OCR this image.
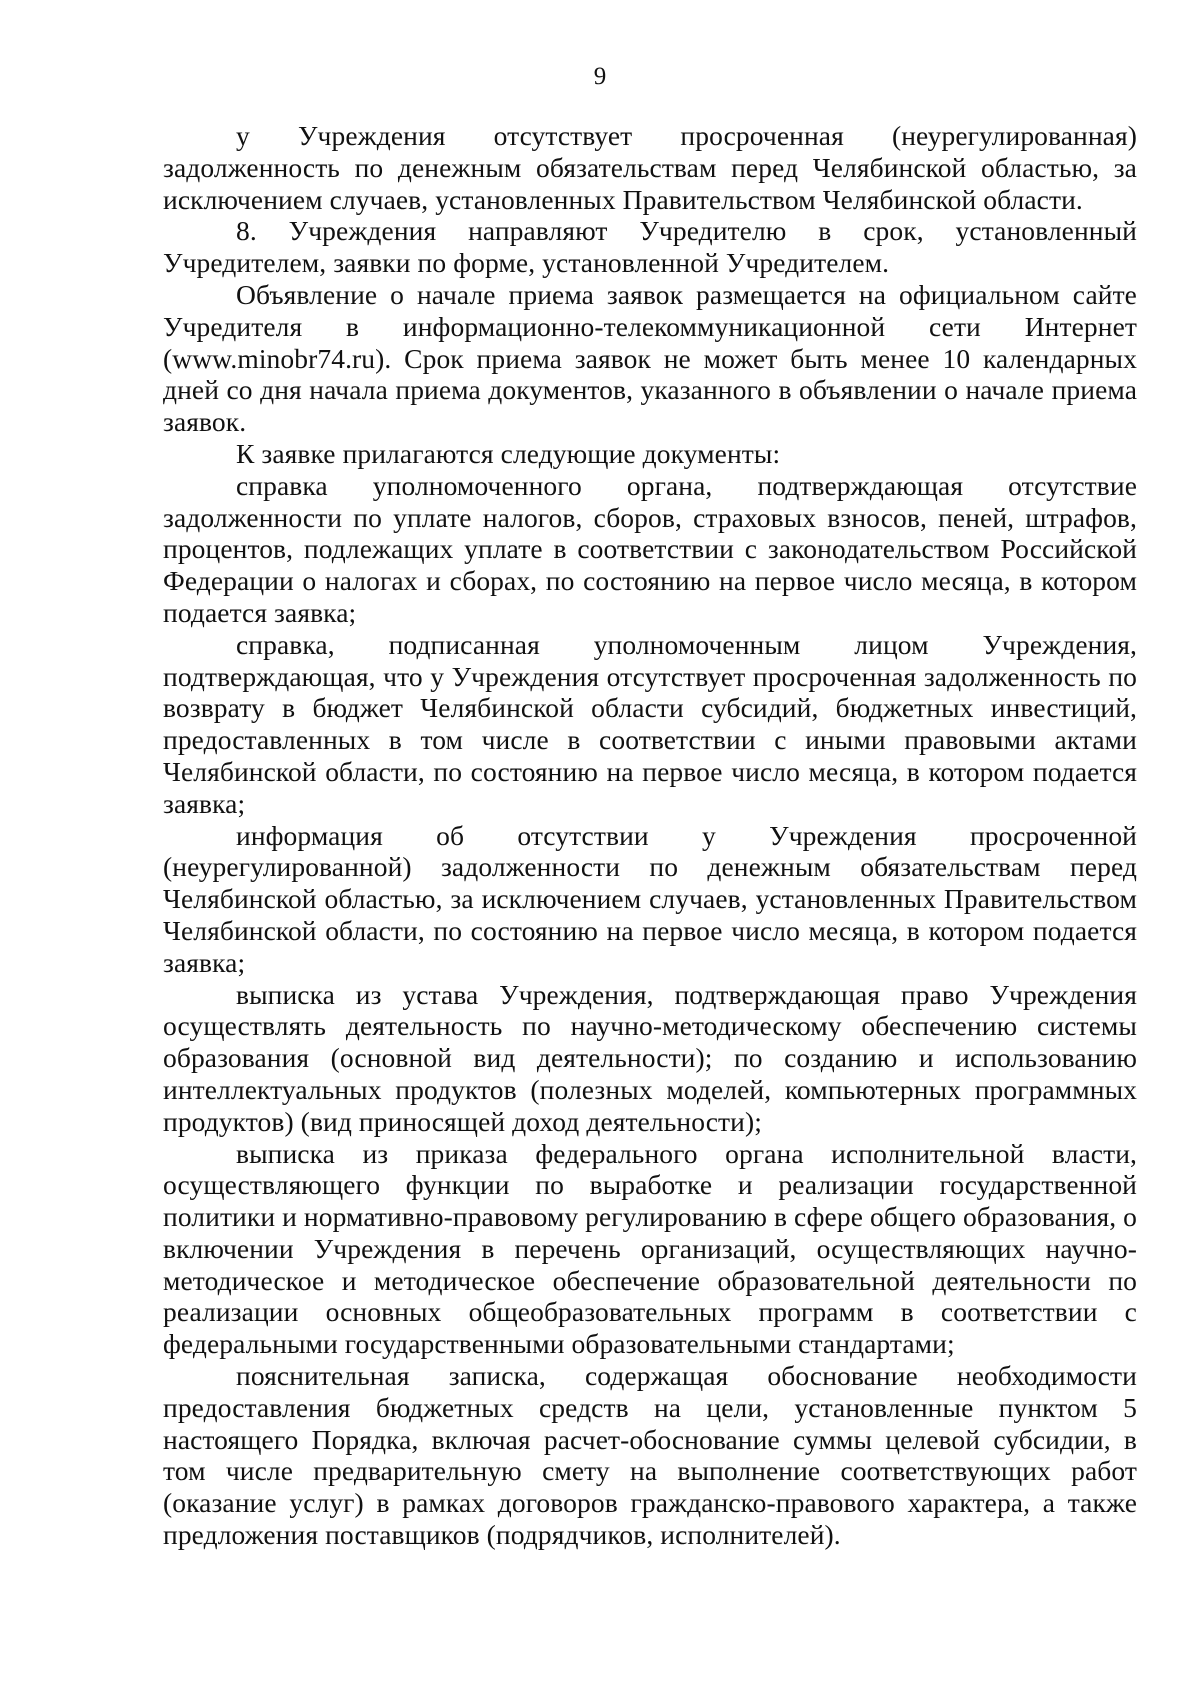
9

у Учреждения отсутствует просроченная (неурегулированная) задолженность по денежным обязательствам перед Челябинской областью, за исключением случаев, установленных Правительством Челябинской области.

8. Учреждения направляют Учредителю в срок, установленный Учредителем, заявки по форме, установленной Учредителем.

Объявление о начале приема заявок размещается на официальном сайте Учредителя в информационно-телекоммуникационной сети Интернет (www.minobr74.ru). Срок приема заявок не может быть менее 10 календарных дней со дня начала приема документов, указанного в объявлении о начале приема заявок.

К заявке прилагаются следующие документы:

справка уполномоченного органа, подтверждающая отсутствие задолженности по уплате налогов, сборов, страховых взносов, пеней, штрафов, процентов, подлежащих уплате в соответствии с законодательством Российской Федерации о налогах и сборах, по состоянию на первое число месяца, в котором подается заявка;

справка, подписанная уполномоченным лицом Учреждения, подтверждающая, что у Учреждения отсутствует просроченная задолженность по возврату в бюджет Челябинской области субсидий, бюджетных инвестиций, предоставленных в том числе в соответствии с иными правовыми актами Челябинской области, по состоянию на первое число месяца, в котором подается заявка;

информация об отсутствии у Учреждения просроченной (неурегулированной) задолженности по денежным обязательствам перед Челябинской областью, за исключением случаев, установленных Правительством Челябинской области, по состоянию на первое число месяца, в котором подается заявка;

выписка из устава Учреждения, подтверждающая право Учреждения осуществлять деятельность по научно-методическому обеспечению системы образования (основной вид деятельности); по созданию и использованию интеллектуальных продуктов (полезных моделей, компьютерных программных продуктов) (вид приносящей доход деятельности);

выписка из приказа федерального органа исполнительной власти, осуществляющего функции по выработке и реализации государственной политики и нормативно-правовому регулированию в сфере общего образования, о включении Учреждения в перечень организаций, осуществляющих научно-методическое и методическое обеспечение образовательной деятельности по реализации основных общеобразовательных программ в соответствии с федеральными государственными образовательными стандартами;

пояснительная записка, содержащая обоснование необходимости предоставления бюджетных средств на цели, установленные пунктом 5 настоящего Порядка, включая расчет-обоснование суммы целевой субсидии, в том числе предварительную смету на выполнение соответствующих работ (оказание услуг) в рамках договоров гражданско-правового характера, а также предложения поставщиков (подрядчиков, исполнителей).
